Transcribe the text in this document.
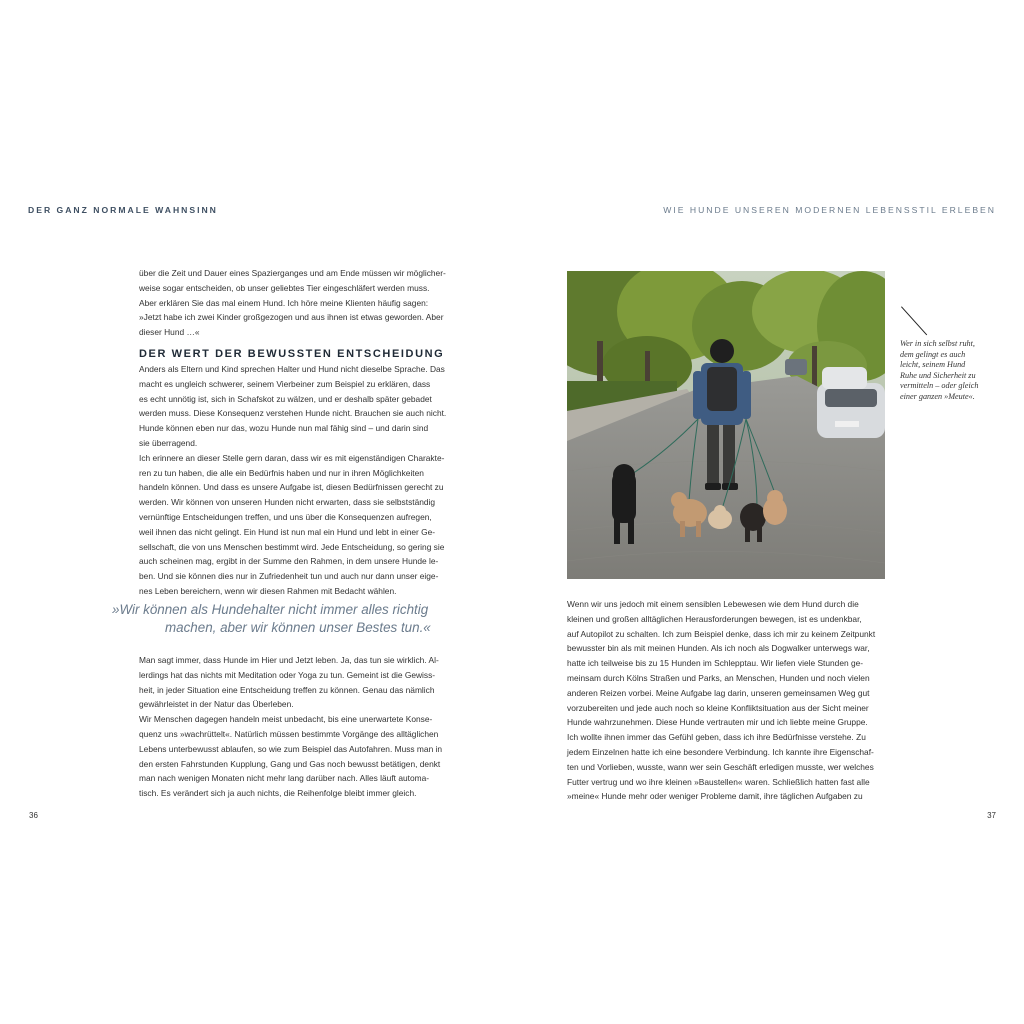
DER GANZ NORMALE WAHNSINN
über die Zeit und Dauer eines Spazierganges und am Ende müssen wir möglicher-
weise sogar entscheiden, ob unser geliebtes Tier eingeschläfert werden muss.
Aber erklären Sie das mal einem Hund. Ich höre meine Klienten häufig sagen:
»Jetzt habe ich zwei Kinder großgezogen und aus ihnen ist etwas geworden. Aber
dieser Hund …«
DER WERT DER BEWUSSTEN ENTSCHEIDUNG
Anders als Eltern und Kind sprechen Halter und Hund nicht dieselbe Sprache. Das
macht es ungleich schwerer, seinem Vierbeiner zum Beispiel zu erklären, dass
es echt unnötig ist, sich in Schafskot zu wälzen, und er deshalb später gebadet
werden muss. Diese Konsequenz verstehen Hunde nicht. Brauchen sie auch nicht.
Hunde können eben nur das, wozu Hunde nun mal fähig sind – und darin sind
sie überragend.
Ich erinnere an dieser Stelle gern daran, dass wir es mit eigenständigen Charakte-
ren zu tun haben, die alle ein Bedürfnis haben und nur in ihren Möglichkeiten
handeln können. Und dass es unsere Aufgabe ist, diesen Bedürfnissen gerecht zu
werden. Wir können von unseren Hunden nicht erwarten, dass sie selbstständig
vernünftige Entscheidungen treffen, und uns über die Konsequenzen aufregen,
weil ihnen das nicht gelingt. Ein Hund ist nun mal ein Hund und lebt in einer Ge-
sellschaft, die von uns Menschen bestimmt wird. Jede Entscheidung, so gering sie
auch scheinen mag, ergibt in der Summe den Rahmen, in dem unsere Hunde le-
ben. Und sie können dies nur in Zufriedenheit tun und auch nur dann unser eige-
nes Leben bereichern, wenn wir diesen Rahmen mit Bedacht wählen.
»Wir können als Hundehalter nicht immer alles richtig
machen, aber wir können unser Bestes tun.«
Man sagt immer, dass Hunde im Hier und Jetzt leben. Ja, das tun sie wirklich. Al-
lerdings hat das nichts mit Meditation oder Yoga zu tun. Gemeint ist die Gewiss-
heit, in jeder Situation eine Entscheidung treffen zu können. Genau das nämlich
gewährleistet in der Natur das Überleben.
Wir Menschen dagegen handeln meist unbedacht, bis eine unerwartete Konse-
quenz uns »wachrüttelt«. Natürlich müssen bestimmte Vorgänge des alltäglichen
Lebens unterbewusst ablaufen, so wie zum Beispiel das Autofahren. Muss man in
den ersten Fahrstunden Kupplung, Gang und Gas noch bewusst betätigen, denkt
man nach wenigen Monaten nicht mehr lang darüber nach. Alles läuft automa-
tisch. Es verändert sich ja auch nichts, die Reihenfolge bleibt immer gleich.
36
WIE HUNDE UNSEREN MODERNEN LEBENSSTIL ERLEBEN
37
Wer in sich selbst ruht,
dem gelingt es auch
leicht, seinem Hund
Ruhe und Sicherheit zu
vermitteln – oder gleich
einer ganzen »Meute«.
Wenn wir uns jedoch mit einem sensiblen Lebewesen wie dem Hund durch die
kleinen und großen alltäglichen Herausforderungen bewegen, ist es undenkbar,
auf Autopilot zu schalten. Ich zum Beispiel denke, dass ich mir zu keinem Zeitpunkt
bewusster bin als mit meinen Hunden. Als ich noch als Dogwalker unterwegs war,
hatte ich teilweise bis zu 15 Hunden im Schlepptau. Wir liefen viele Stunden ge-
meinsam durch Kölns Straßen und Parks, an Menschen, Hunden und noch vielen
anderen Reizen vorbei. Meine Aufgabe lag darin, unseren gemeinsamen Weg gut
vorzubereiten und jede auch noch so kleine Konfliktsituation aus der Sicht meiner
Hunde wahrzunehmen. Diese Hunde vertrauten mir und ich liebte meine Gruppe.
Ich wollte ihnen immer das Gefühl geben, dass ich ihre Bedürfnisse verstehe. Zu
jedem Einzelnen hatte ich eine besondere Verbindung. Ich kannte ihre Eigenschaf-
ten und Vorlieben, wusste, wann wer sein Geschäft erledigen musste, wer welches
Futter vertrug und wo ihre kleinen »Baustellen« waren. Schließlich hatten fast alle
»meine« Hunde mehr oder weniger Probleme damit, ihre täglichen Aufgaben zu
